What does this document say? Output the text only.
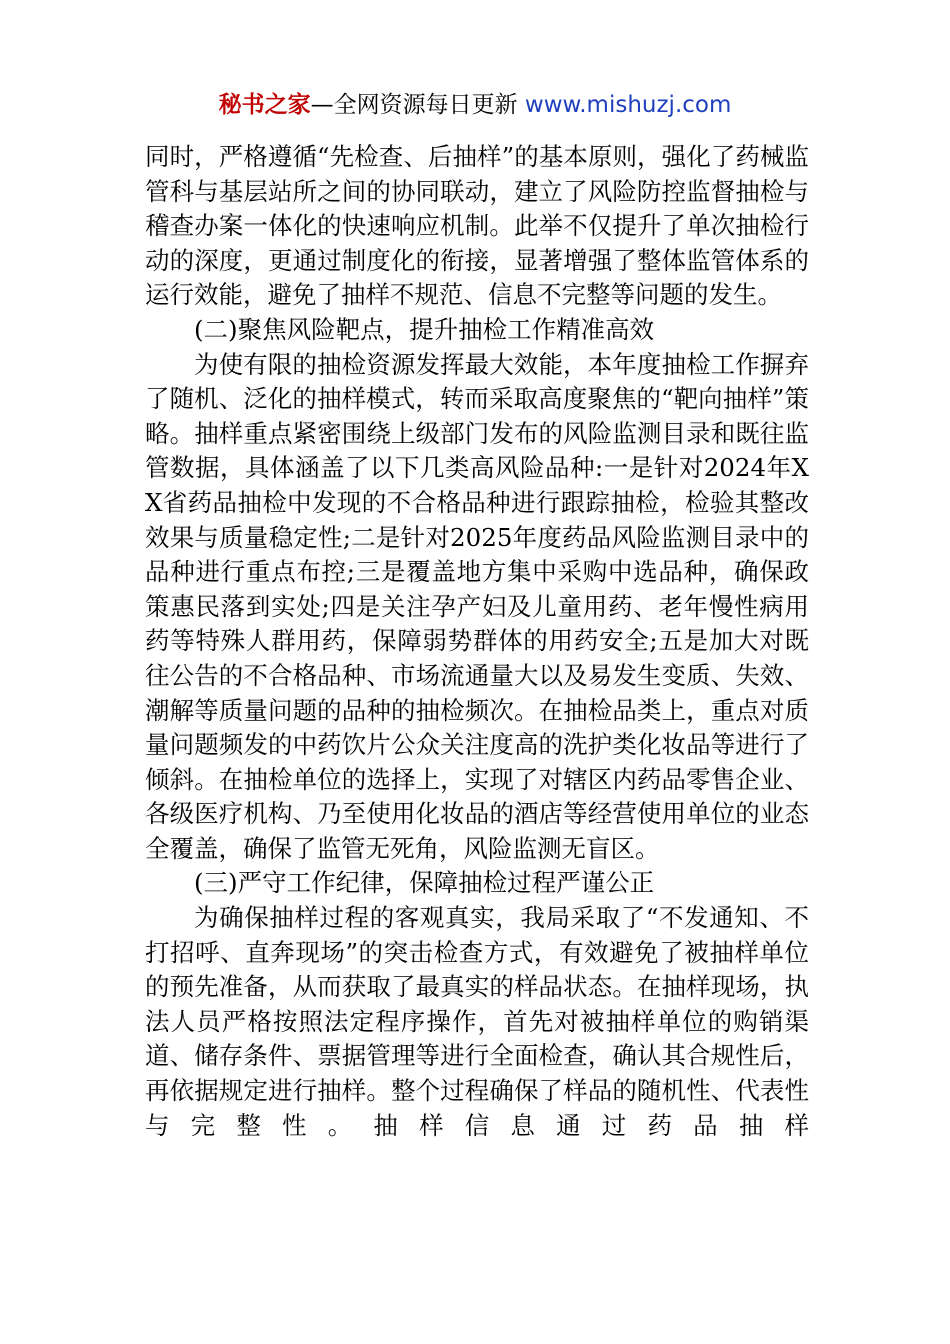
秘书之家—全网资源每日更新 www.mishuzj.com

同时，严格遵循“先检查、后抽样”的基本原则，强化了药械监管科与基层站所之间的协同联动，建立了风险防控监督抽检与稽查办案一体化的快速响应机制。此举不仅提升了单次抽检行动的深度，更通过制度化的衔接，显著增强了整体监管体系的运行效能，避免了抽样不规范、信息不完整等问题的发生。

(二)聚焦风险靶点，提升抽检工作精准高效

为使有限的抽检资源发挥最大效能，本年度抽检工作摒弃了随机、泛化的抽样模式，转而采取高度聚焦的“靶向抽样”策略。抽样重点紧密围绕上级部门发布的风险监测目录和既往监管数据，具体涵盖了以下几类高风险品种:一是针对2024年XX省药品抽检中发现的不合格品种进行跟踪抽检，检验其整改效果与质量稳定性;二是针对2025年度药品风险监测目录中的品种进行重点布控;三是覆盖地方集中采购中选品种，确保政策惠民落到实处;四是关注孕产妇及儿童用药、老年慢性病用药等特殊人群用药，保障弱势群体的用药安全;五是加大对既往公告的不合格品种、市场流通量大以及易发生变质、失效、潮解等质量问题的品种的抽检频次。在抽检品类上，重点对质量问题频发的中药饮片公众关注度高的洗护类化妆品等进行了倾斜。在抽检单位的选择上，实现了对辖区内药品零售企业、各级医疗机构、乃至使用化妆品的酒店等经营使用单位的业态全覆盖，确保了监管无死角，风险监测无盲区。

(三)严守工作纪律，保障抽检过程严谨公正

为确保抽样过程的客观真实，我局采取了“不发通知、不打招呼、直奔现场”的突击检查方式，有效避免了被抽样单位的预先准备，从而获取了最真实的样品状态。在抽样现场，执法人员严格按照法定程序操作，首先对被抽样单位的购销渠道、储存条件、票据管理等进行全面检查，确认其合规性后，再依据规定进行抽样。整个过程确保了样品的随机性、代表性与完整性。抽样信息通过药品抽样
